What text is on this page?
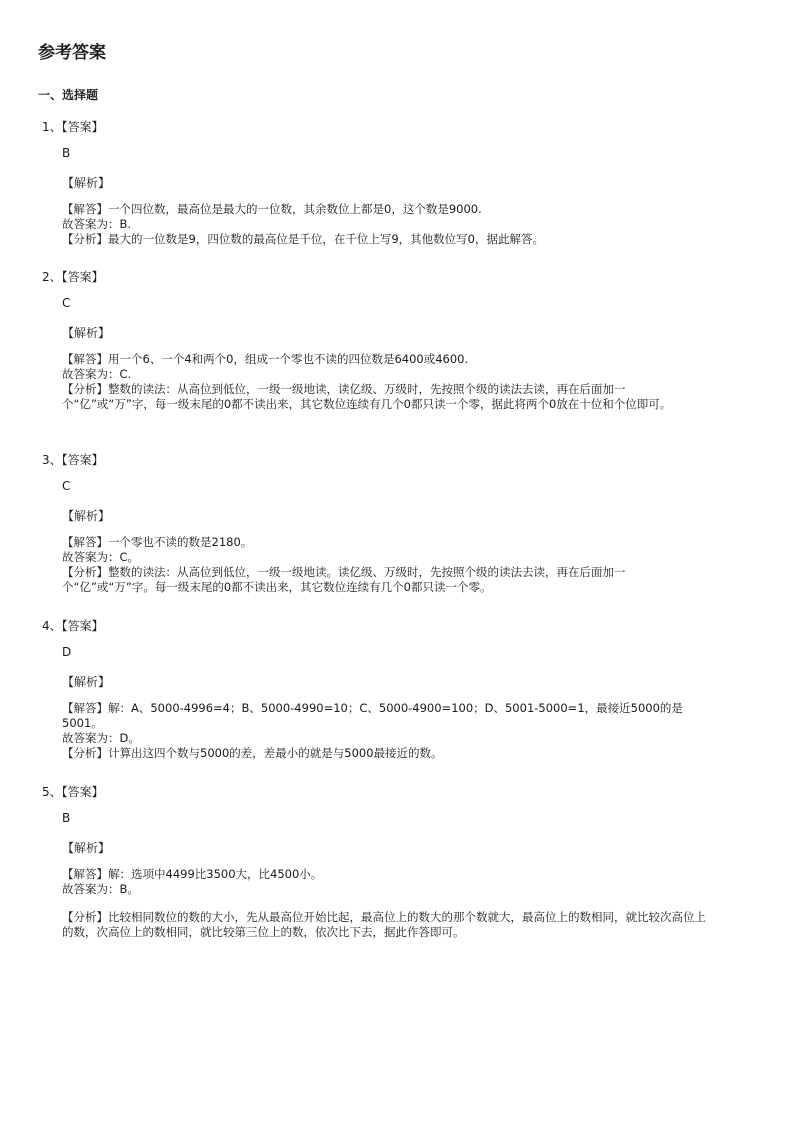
参考答案
一、选择题
1、【答案】
B
【解析】

【解答】一个四位数，最高位是最大的一位数，其余数位上都是0，这个数是9000.

故答案为：B.

【分析】最大的一位数是9，四位数的最高位是千位，在千位上写9，其他数位写0，据此解答。

2、【答案】
C
【解析】

【解答】用一个6、一个4和两个0，组成一个零也不读的四位数是6400或4600.

故答案为：C.

【分析】整数的读法：从高位到低位，一级一级地读，读亿级、万级时，先按照个级的读法去读，再在后面加一个“亿”或“万”字，每一级末尾的0都不读出来，其它数位连续有几个0都只读一个零，据此将两个0放在十位和个位即可。

3、【答案】
C
【解析】

【解答】一个零也不读的数是2180。

故答案为：C。

【分析】整数的读法：从高位到低位，一级一级地读。读亿级、万级时，先按照个级的读法去读，再在后面加一个“亿”或“万”字。每一级末尾的0都不读出来，其它数位连续有几个0都只读一个零。

4、【答案】
D
【解析】

【解答】解：A、5000-4996=4；B、5000-4990=10；C、5000-4900=100；D、5001-5000=1，最接近5000的是5001。

故答案为：D。

【分析】计算出这四个数与5000的差，差最小的就是与5000最接近的数。

5、【答案】
B
【解析】

【解答】解：选项中4499比3500大，比4500小。

故答案为：B。

【分析】比较相同数位的数的大小，先从最高位开始比起，最高位上的数大的那个数就大，最高位上的数相同，就比较次高位上的数，次高位上的数相同，就比较第三位上的数，依次比下去，据此作答即可。
